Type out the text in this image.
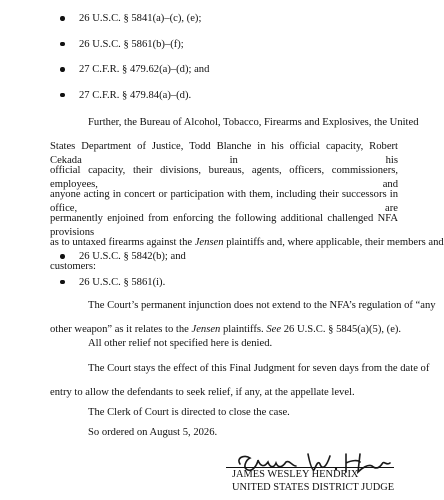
26 U.S.C. § 5841(a)–(c), (e);
26 U.S.C. § 5861(b)–(f);
27 C.F.R. § 479.62(a)–(d); and
27 C.F.R. § 479.84(a)–(d).
Further, the Bureau of Alcohol, Tobacco, Firearms and Explosives, the United
States Department of Justice, Todd Blanche in his official capacity, Robert Cekada in his
official capacity, their divisions, bureaus, agents, officers, commissioners, employees, and
anyone acting in concert or participation with them, including their successors in office, are
permanently enjoined from enforcing the following additional challenged NFA provisions
as to untaxed firearms against the Jensen plaintiffs and, where applicable, their members and
customers:
26 U.S.C. § 5842(b); and
26 U.S.C. § 5861(i).
The Court’s permanent injunction does not extend to the NFA’s regulation of “any
other weapon” as it relates to the Jensen plaintiffs. See 26 U.S.C. § 5845(a)(5), (e).

All other relief not specified here is denied.

The Court stays the effect of this Final Judgment for seven days from the date of
entry to allow the defendants to seek relief, if any, at the appellate level.

The Clerk of Court is directed to close the case.

So ordered on August 5, 2026.

JAMES WESLEY HENDRIX
UNITED STATES DISTRICT JUDGE
